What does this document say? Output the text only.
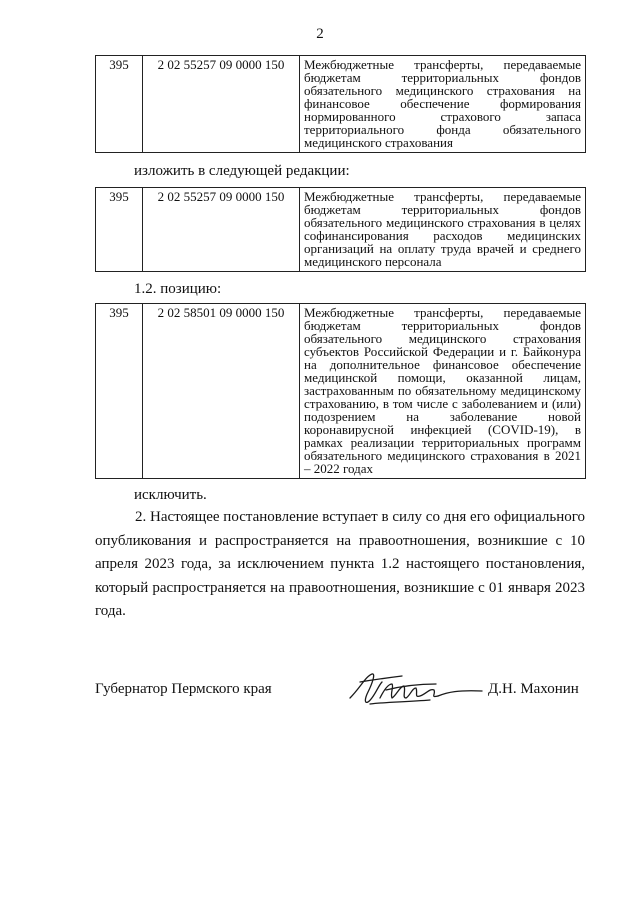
2
395	2 02 55257 09 0000 150	Межбюджетные трансферты, передаваемые бюджетам территориальных фондов обязательного медицинского страхования на финансовое обеспечение формирования нормированного страхового запаса территориального фонда обязательного медицинского страхования
изложить в следующей редакции:
395	2 02 55257 09 0000 150	Межбюджетные трансферты, передаваемые бюджетам территориальных фондов обязательного медицинского страхования в целях софинансирования расходов медицинских организаций на оплату труда врачей и среднего медицинского персонала
1.2. позицию:
395	2 02 58501 09 0000 150	Межбюджетные трансферты, передаваемые бюджетам территориальных фондов обязательного медицинского страхования субъектов Российской Федерации и г. Байконура на дополнительное финансовое обеспечение медицинской помощи, оказанной лицам, застрахованным по обязательному медицинскому страхованию, в том числе с заболеванием и (или) подозрением на заболевание новой коронавирусной инфекцией (COVID-19), в рамках реализации территориальных программ обязательного медицинского страхования в 2021 – 2022 годах
исключить.
2. Настоящее постановление вступает в силу со дня его официального опубликования и распространяется на правоотношения, возникшие с 10 апреля 2023 года, за исключением пункта 1.2 настоящего постановления, который распространяется на правоотношения, возникшие с 01 января 2023 года.
Губернатор Пермского края	Д.Н. Махонин
